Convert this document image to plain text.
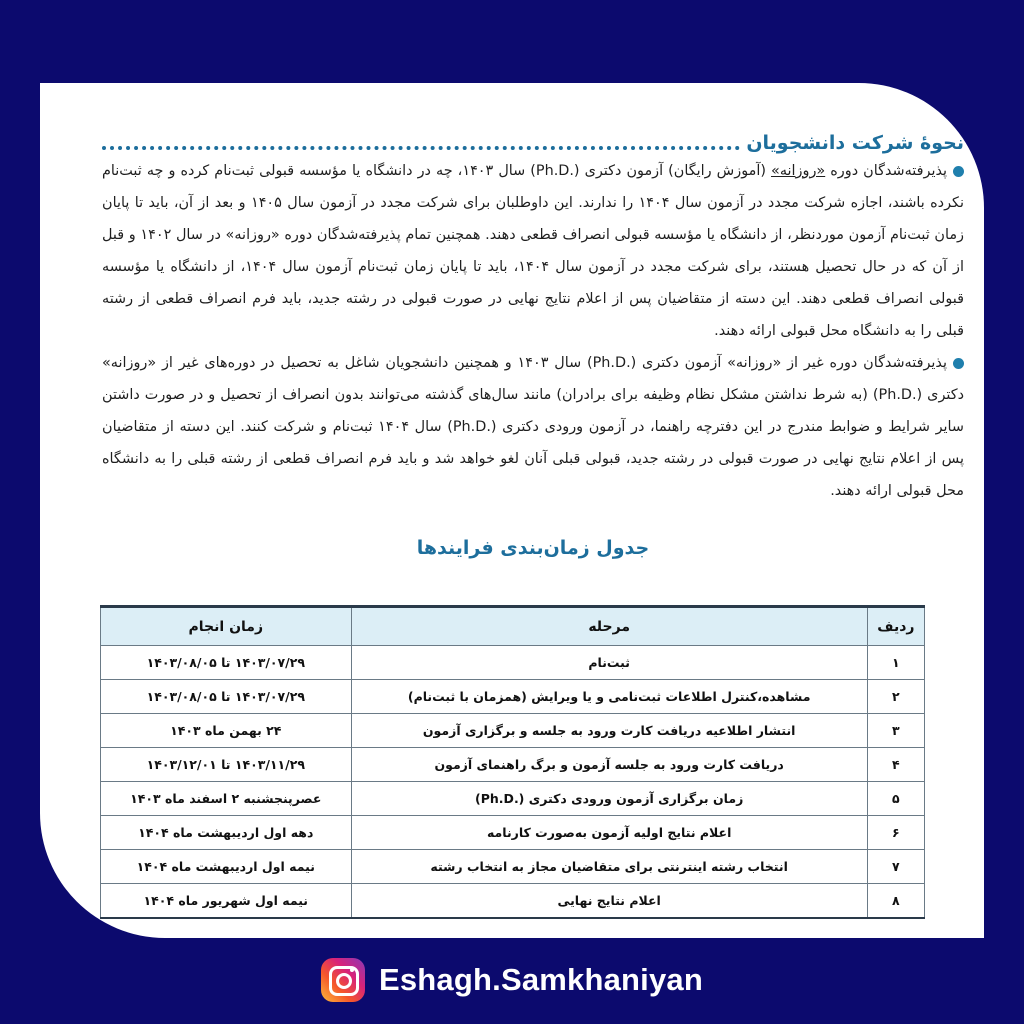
نحوهٔ شرکت دانشجویان

پذیرفته‌شدگان دوره «روزانه» (آموزش رایگان) آزمون دکتری (.Ph.D) سال ۱۴۰۳، چه در دانشگاه یا مؤسسه قبولی ثبت‌نام کرده و چه ثبت‌نام نکرده باشند، اجازه شرکت مجدد در آزمون سال ۱۴۰۴ را ندارند. این داوطلبان برای شرکت مجدد در آزمون سال ۱۴۰۵ و بعد از آن، باید تا پایان زمان ثبت‌نام آزمون موردنظر، از دانشگاه یا مؤسسه قبولی انصراف قطعی دهند. همچنین تمام پذیرفته‌شدگان دوره «روزانه» در سال ۱۴۰۲ و قبل از آن که در حال تحصیل هستند، برای شرکت مجدد در آزمون سال ۱۴۰۴، باید تا پایان زمان ثبت‌نام آزمون سال ۱۴۰۴، از دانشگاه یا مؤسسه قبولی انصراف قطعی دهند. این دسته از متقاضیان پس از اعلام نتایج نهایی در صورت قبولی در رشته جدید، باید فرم انصراف قطعی از رشته قبلی را به دانشگاه محل قبولی ارائه دهند.

پذیرفته‌شدگان دوره غیر از «روزانه» آزمون دکتری (.Ph.D) سال ۱۴۰۳ و همچنین دانشجویان شاغل به تحصیل در دوره‌های غیر از «روزانه» دکتری (.Ph.D) (به شرط نداشتن مشکل نظام وظیفه برای برادران) مانند سال‌های گذشته می‌توانند بدون انصراف از تحصیل و در صورت داشتن سایر شرایط و ضوابط مندرج در این دفترچه راهنما، در آزمون ورودی دکتری (.Ph.D) سال ۱۴۰۴ ثبت‌نام و شرکت کنند. این دسته از متقاضیان پس از اعلام نتایج نهایی در صورت قبولی در رشته جدید، قبولی قبلی آنان لغو خواهد شد و باید فرم انصراف قطعی از رشته قبلی را به دانشگاه محل قبولی ارائه دهند.

جدول زمان‌بندی فرایندها
ردیف	مرحله	زمان انجام
۱	ثبت‌نام	۱۴۰۳/۰۷/۲۹ تا ۱۴۰۳/۰۸/۰۵
۲	مشاهده،کنترل اطلاعات ثبت‌نامی و یا ویرایش (همزمان با ثبت‌نام)	۱۴۰۳/۰۷/۲۹ تا ۱۴۰۳/۰۸/۰۵
۳	انتشار اطلاعیه دریافت کارت ورود به جلسه و برگزاری آزمون	۲۴ بهمن ماه ۱۴۰۳
۴	دریافت کارت ورود به جلسه آزمون و برگ راهنمای آزمون	۱۴۰۳/۱۱/۲۹ تا ۱۴۰۳/۱۲/۰۱
۵	زمان برگزاری آزمون ورودی دکتری (.Ph.D)	عصرپنجشنبه ۲ اسفند ماه ۱۴۰۳
۶	اعلام نتایج اولیه آزمون به‌صورت کارنامه	دهه اول اردیبهشت ماه ۱۴۰۴
۷	انتخاب رشته اینترنتی برای متقاضیان مجاز به انتخاب رشته	نیمه اول اردیبهشت ماه ۱۴۰۴
۸	اعلام نتایج نهایی	نیمه اول شهریور ماه ۱۴۰۴
Eshagh.Samkhaniyan
